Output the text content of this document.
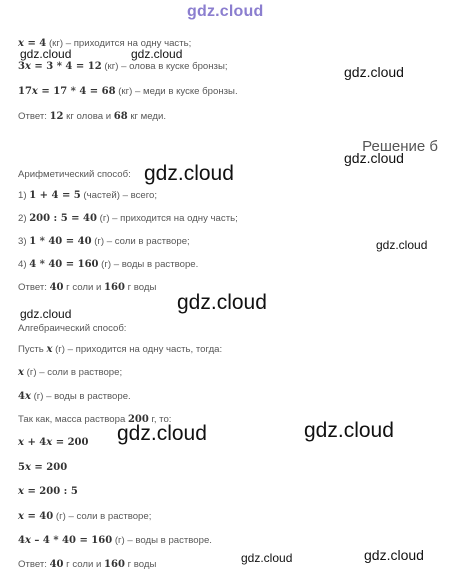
gdz.cloud
Решение б
x = 4 (кг) – приходится на одну часть;
3x = 3 * 4 = 12 (кг) – олова в куске бронзы;
17x = 17 * 4 = 68 (кг) – меди в куске бронзы.
Ответ: 12 кг олова и 68 кг меди.
Арифметический способ:
1) 1 + 4 = 5 (частей) – всего;
2) 200 : 5 = 40 (г) – приходится на одну часть;
3) 1 * 40 = 40 (г) – соли в растворе;
4) 4 * 40 = 160 (г) – воды в растворе.
Ответ: 40 г соли и 160 г воды
Алгебраический способ:
Пусть x (г) – приходится на одну часть, тогда:
x (г) – соли в растворе;
4x (г) – воды в растворе.
Так как, масса раствора 200 г, то:
x + 4x = 200
5x = 200
x = 200 : 5
x = 40 (г) – соли в растворе;
4x – 4 * 40 = 160 (г) – воды в растворе.
Ответ: 40 г соли и 160 г воды
gdz.cloud	gdz.cloud
gdz.cloud
gdz.cloud
gdz.cloud
gdz.cloud
gdz.cloud
gdz.cloud
gdz.cloud	gdz.cloud
gdz.cloud	gdz.cloud
